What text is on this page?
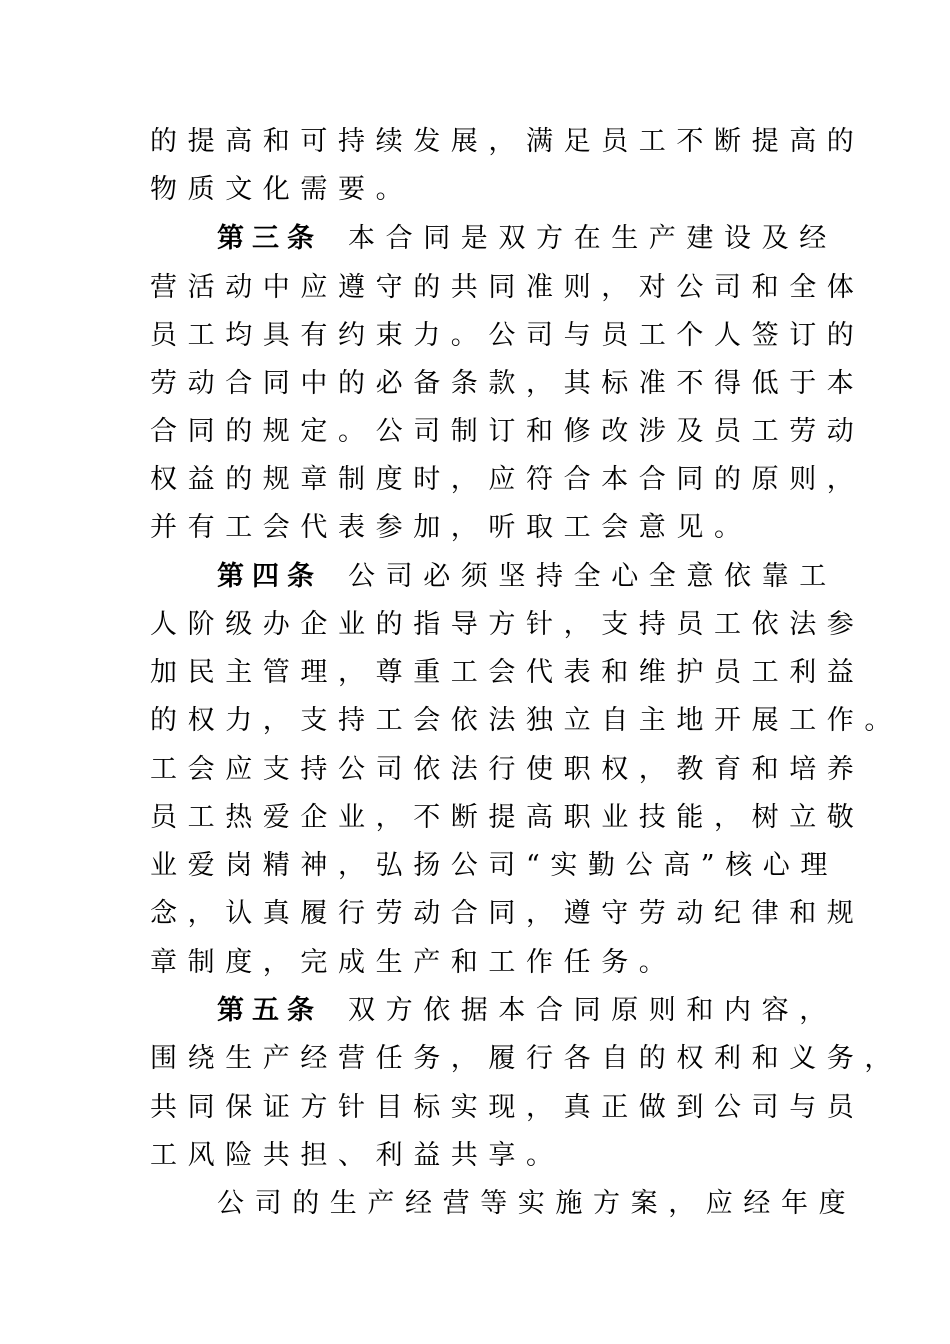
的提高和可持续发展，满足员工不断提高的
物质文化需要。
第三条 本合同是双方在生产建设及经
营活动中应遵守的共同准则，对公司和全体
员工均具有约束力。公司与员工个人签订的
劳动合同中的必备条款，其标准不得低于本
合同的规定。公司制订和修改涉及员工劳动
权益的规章制度时，应符合本合同的原则，
并有工会代表参加，听取工会意见。
第四条 公司必须坚持全心全意依靠工
人阶级办企业的指导方针，支持员工依法参
加民主管理，尊重工会代表和维护员工利益
的权力，支持工会依法独立自主地开展工作。
工会应支持公司依法行使职权，教育和培养
员工热爱企业，不断提高职业技能，树立敬
业爱岗精神，弘扬公司“实勤公高”核心理
念，认真履行劳动合同，遵守劳动纪律和规
章制度，完成生产和工作任务。
第五条 双方依据本合同原则和内容，
围绕生产经营任务，履行各自的权利和义务，
共同保证方针目标实现，真正做到公司与员
工风险共担、利益共享。
公司的生产经营等实施方案，应经年度
